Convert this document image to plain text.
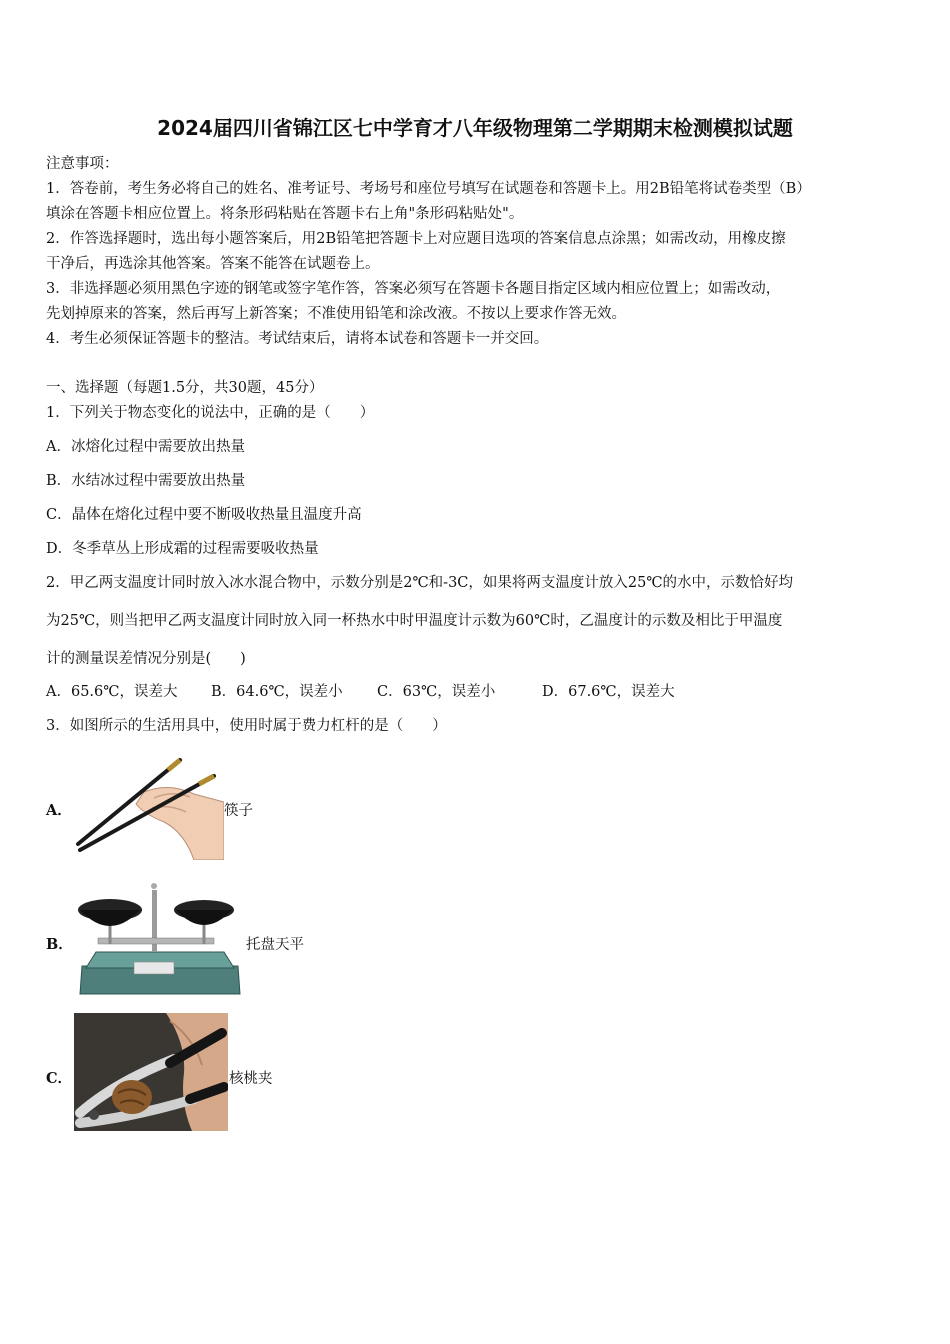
2024届四川省锦江区七中学育才八年级物理第二学期期末检测模拟试题
注意事项：
1．答卷前，考生务必将自己的姓名、准考证号、考场号和座位号填写在试题卷和答题卡上。用2B铅笔将试卷类型（B）
填涂在答题卡相应位置上。将条形码粘贴在答题卡右上角"条形码粘贴处"。
2．作答选择题时，选出每小题答案后，用2B铅笔把答题卡上对应题目选项的答案信息点涂黑；如需改动，用橡皮擦
干净后，再选涂其他答案。答案不能答在试题卷上。
3．非选择题必须用黑色字迹的钢笔或签字笔作答，答案必须写在答题卡各题目指定区域内相应位置上；如需改动，
先划掉原来的答案，然后再写上新答案；不准使用铅笔和涂改液。不按以上要求作答无效。
4．考生必须保证答题卡的整洁。考试结束后，请将本试卷和答题卡一并交回。
一、选择题（每题1.5分，共30题，45分）
1．下列关于物态变化的说法中，正确的是（　　）
A．冰熔化过程中需要放出热量
B．水结冰过程中需要放出热量
C．晶体在熔化过程中要不断吸收热量且温度升高
D．冬季草丛上形成霜的过程需要吸收热量
2．甲乙两支温度计同时放入冰水混合物中，示数分别是2℃和-3C，如果将两支温度计放入25℃的水中，示数恰好均
为25℃，则当把甲乙两支温度计同时放入同一杯热水中时甲温度计示数为60℃时，乙温度计的示数及相比于甲温度
计的测量误差情况分别是(　　)
A．65.6℃，误差大 B．64.6℃，误差小 C．63℃，误差小	D．67.6℃，误差大
3．如图所示的生活用具中，使用时属于费力杠杆的是（　　）
A．	筷子
B．	托盘天平
C．	核桃夹
